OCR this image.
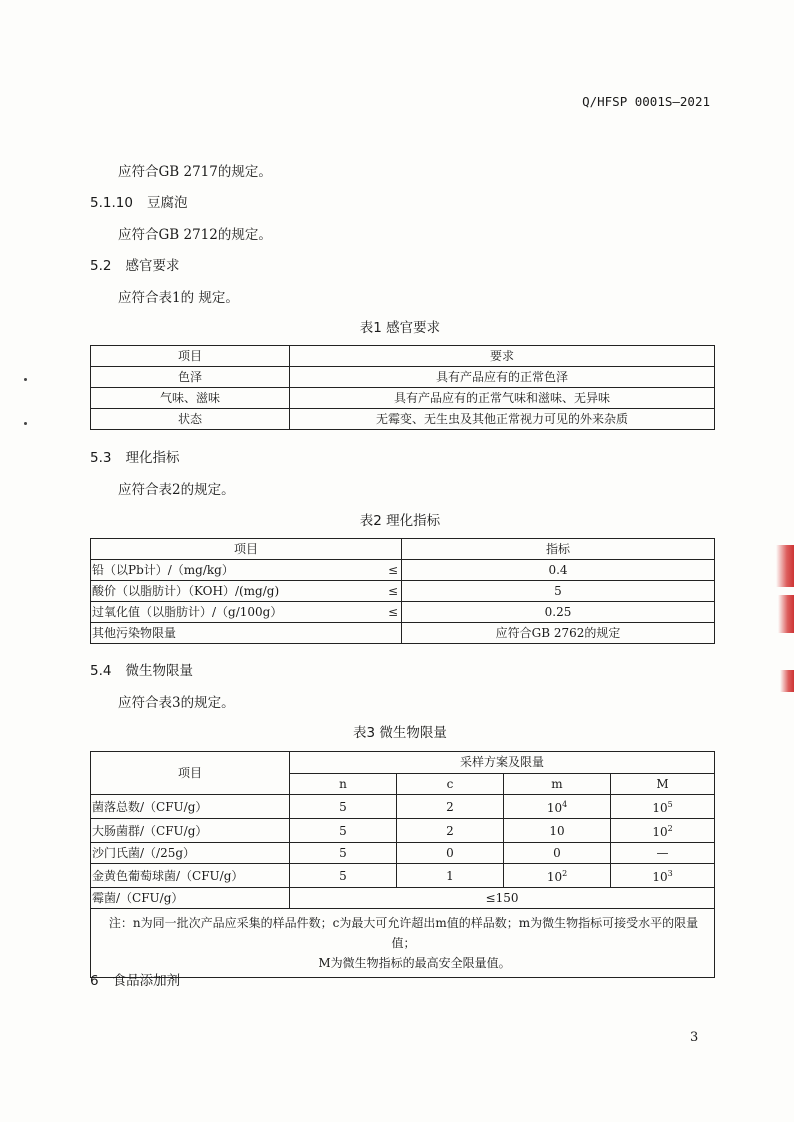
Q/HFSP 0001S—2021
应符合GB 2717的规定。
5.1.10 豆腐泡
应符合GB 2712的规定。
5.2 感官要求
应符合表1的 规定。
表1 感官要求
项目	要求
色泽	具有产品应有的正常色泽
气味、滋味	具有产品应有的正常气味和滋味、无异味
状态	无霉变、无生虫及其他正常视力可见的外来杂质
5.3 理化指标
应符合表2的规定。
表2 理化指标
项目	指标
铅（以Pb计）/（mg/kg） ≤	0.4
酸价（以脂肪计）（KOH）/(mg/g) ≤	5
过氧化值（以脂肪计）/（g/100g） ≤	0.25
其他污染物限量	应符合GB 2762的规定
5.4 微生物限量
应符合表3的规定。
表3 微生物限量
项目	采样方案及限量			
	n	c	m	M
菌落总数/（CFU/g）	5	2	$10^4$	$10^5$
大肠菌群/（CFU/g）	5	2	10	$10^2$
沙门氏菌/（/25g）	5	0	0	—
金黄色葡萄球菌/（CFU/g）	5	1	$10^2$	$10^3$
霉菌/（CFU/g）	≤150			

注：n为同一批次产品应采集的样品件数；c为最大可允许超出m值的样品数；m为微生物指标可接受水平的限量值；
M为微生物指标的最高安全限量值。				
6 食品添加剂
3
